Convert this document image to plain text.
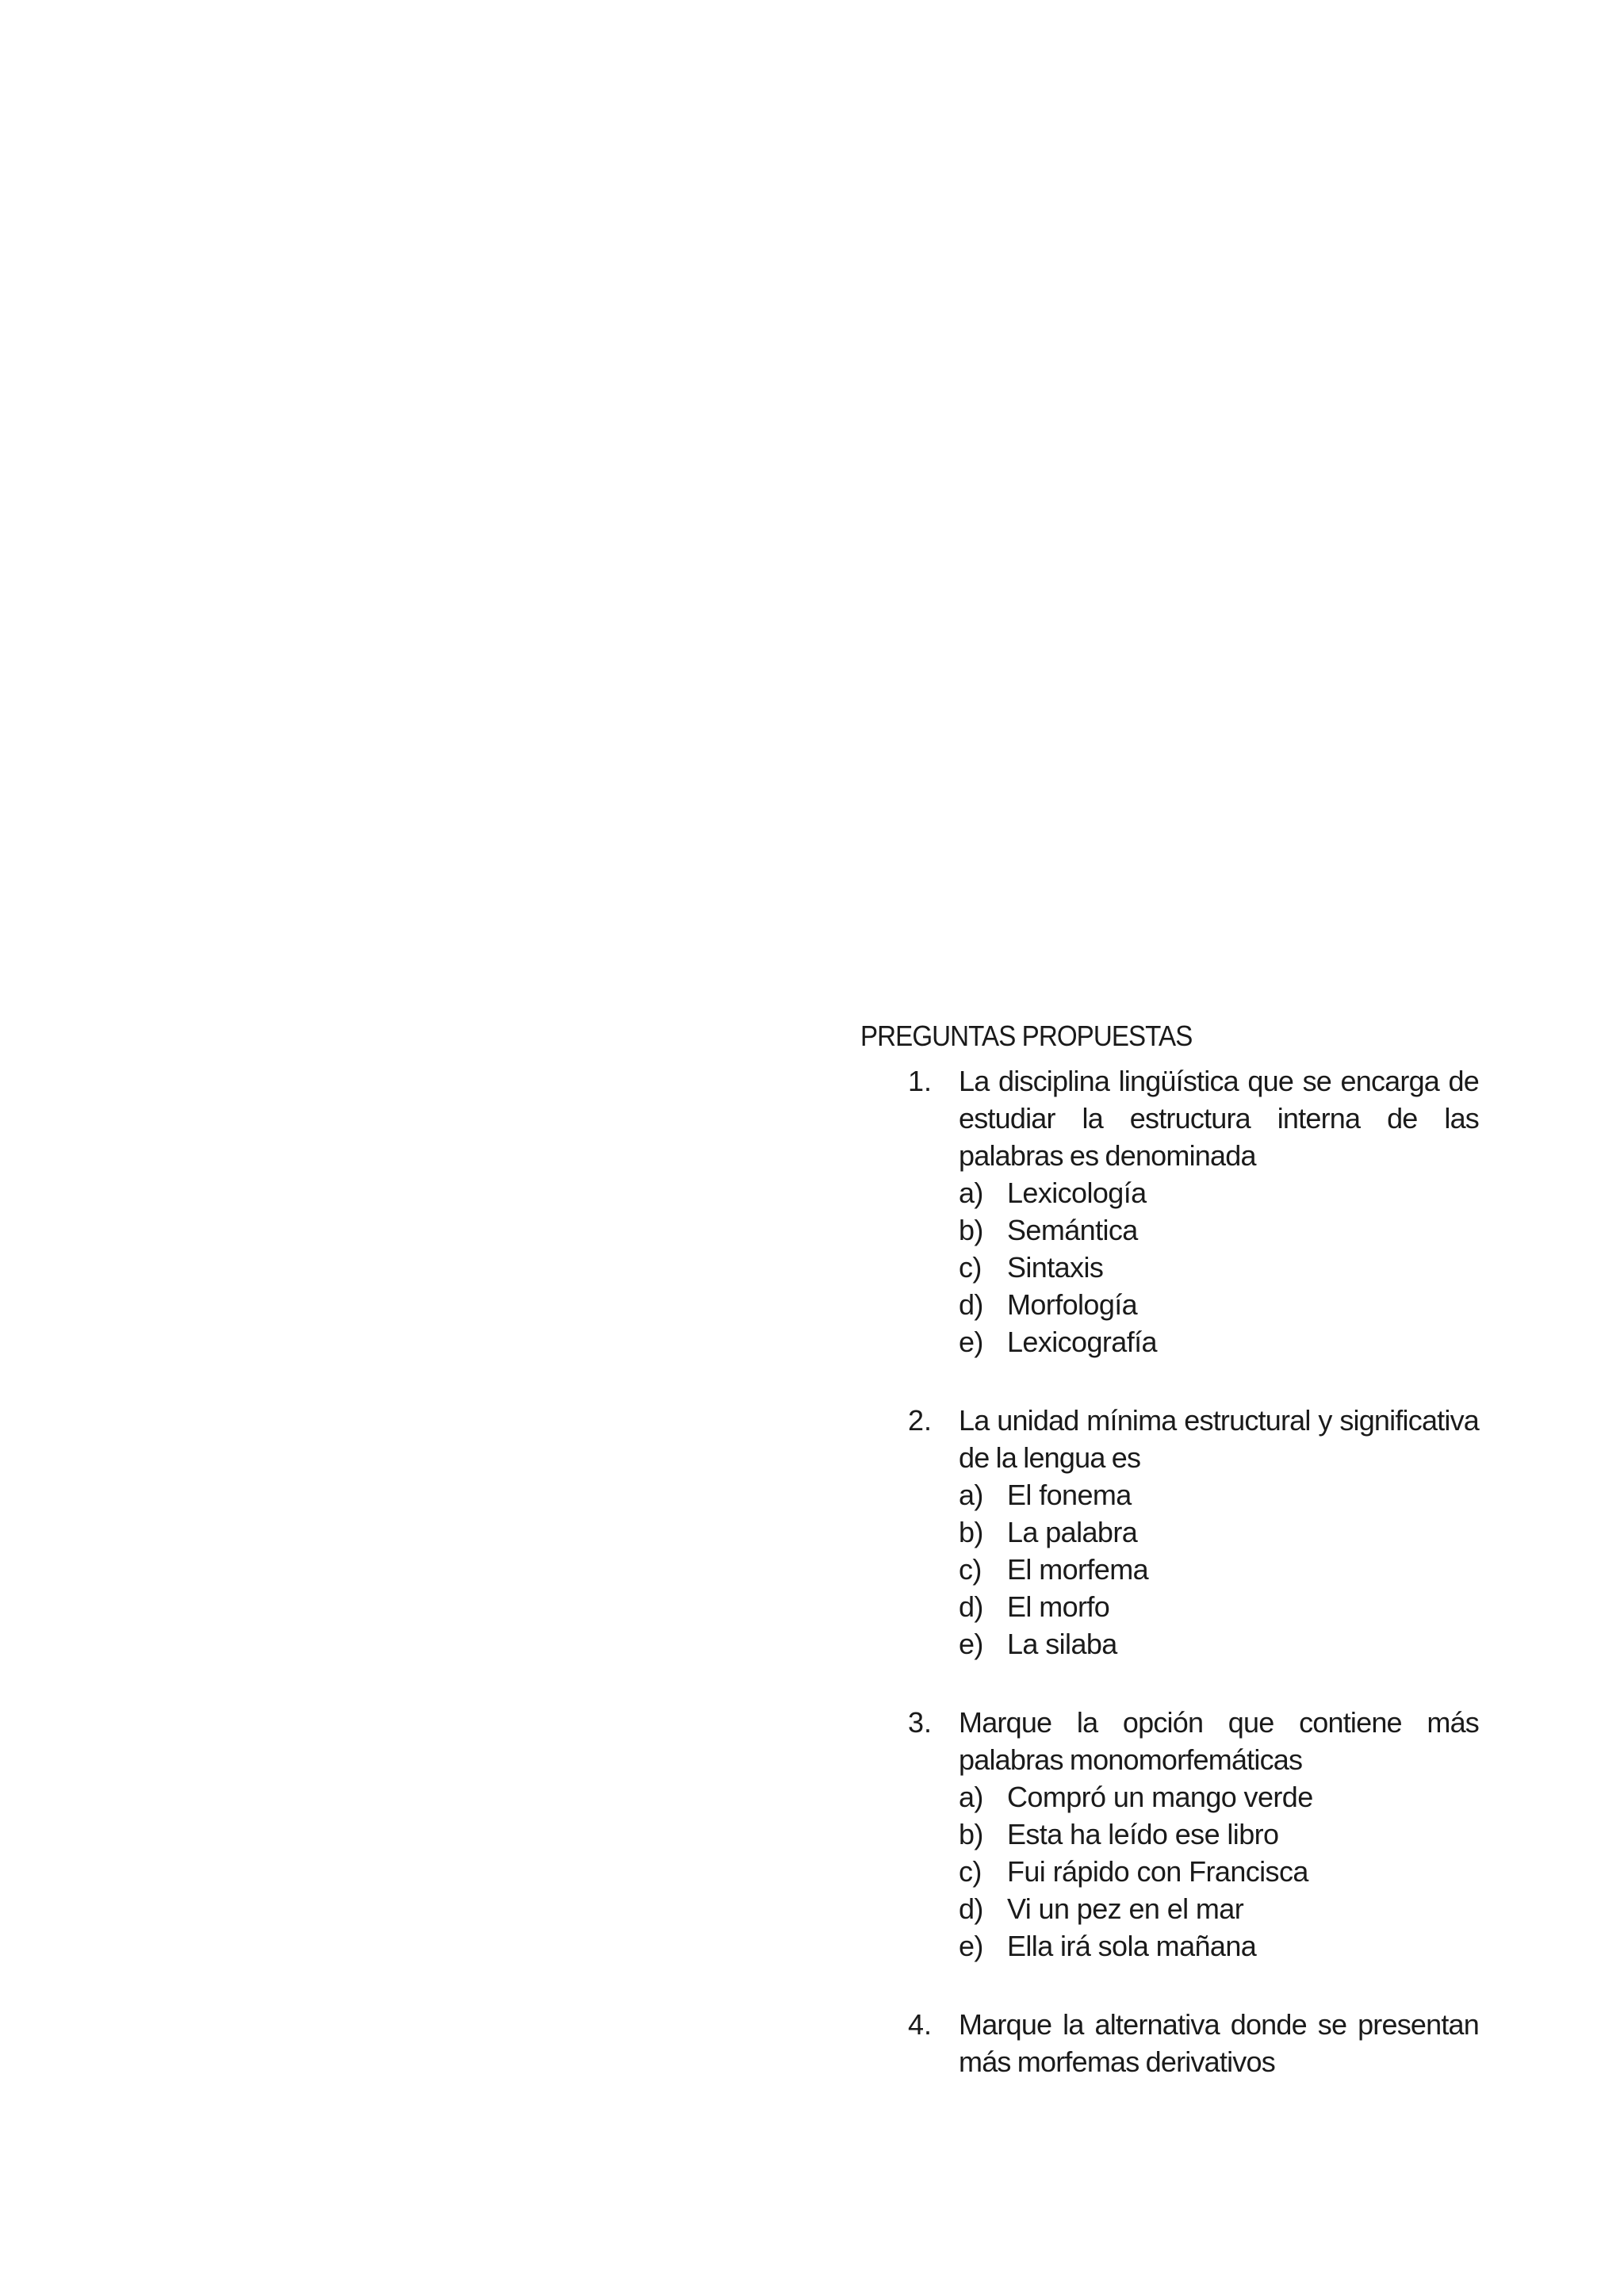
PREGUNTAS PROPUESTAS
1. La disciplina lingüística que se encarga de estudiar la estructura interna de las palabras es denominada
a) Lexicología
b) Semántica
c) Sintaxis
d) Morfología
e) Lexicografía
2. La unidad mínima estructural y significativa de la lengua es
a) El fonema
b) La palabra
c) El morfema
d) El morfo
e) La silaba
3. Marque la opción que contiene más palabras monomorfemáticas
a) Compró un mango verde
b) Esta ha leído ese libro
c) Fui rápido con Francisca
d) Vi un pez en el mar
e) Ella irá sola mañana
4. Marque la alternativa donde se presentan más morfemas derivativos
